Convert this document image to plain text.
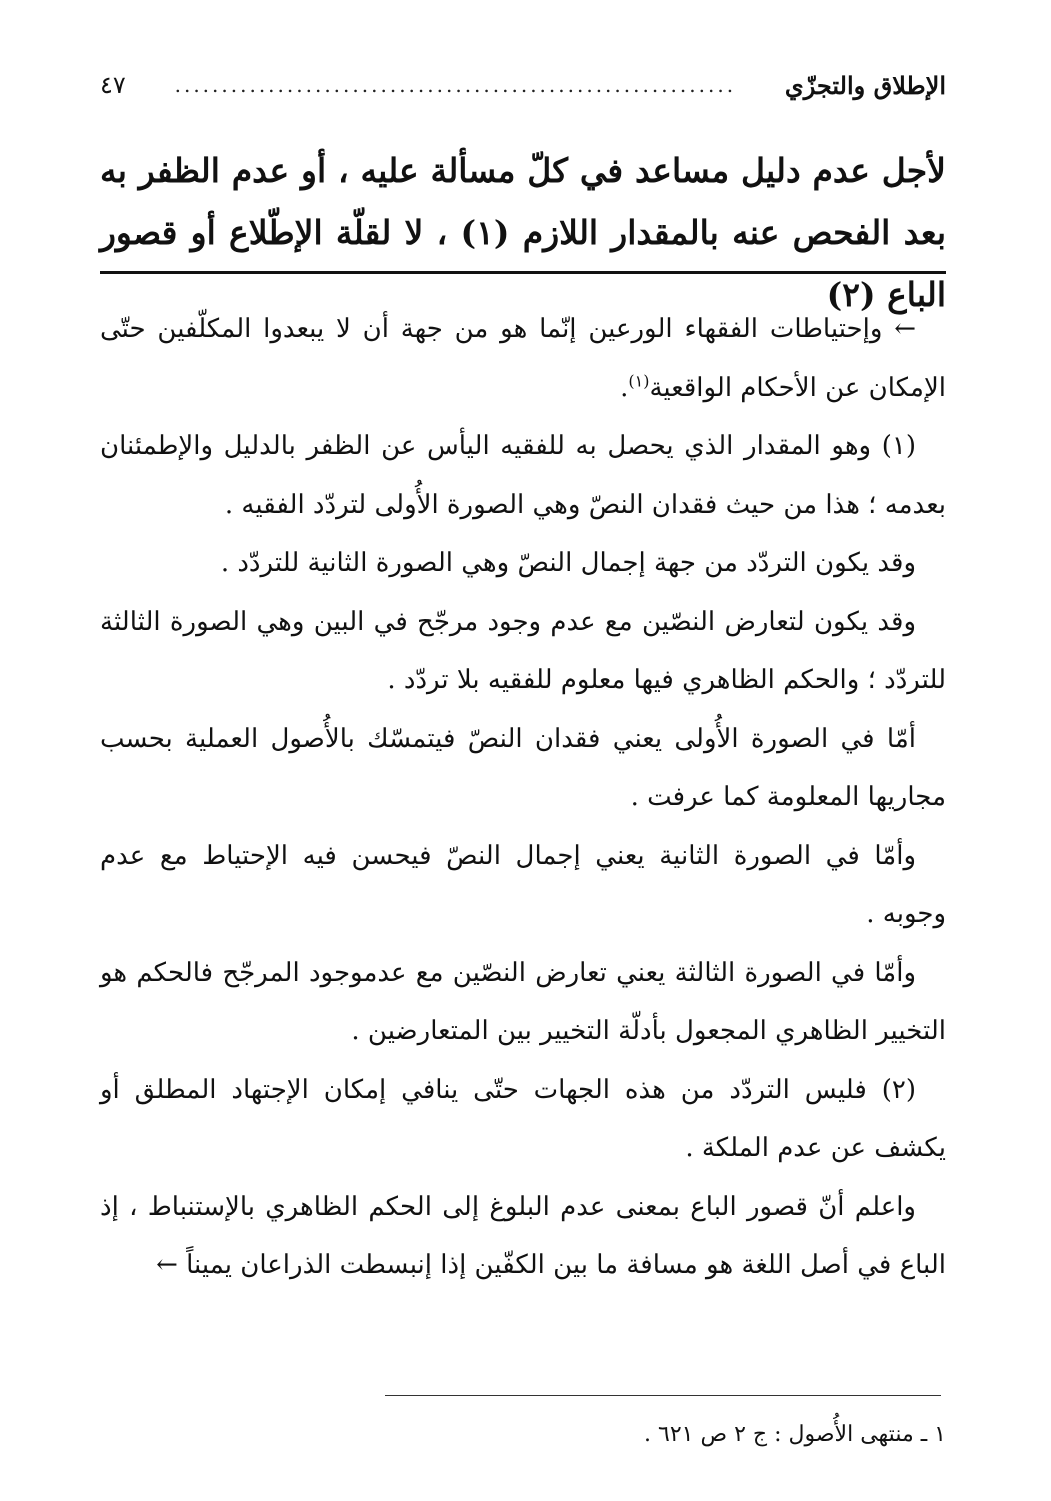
الإطلاق والتجزّي
............................................................
٤٧
لأجل عدم دليل مساعد في كلّ مسألة عليه ، أو عدم الظفر به بعد الفحص عنه بالمقدار اللازم (١) ، لا لقلّة الإطّلاع أو قصور الباع (٢)

← وإحتياطات الفقهاء الورعين إنّما هو من جهة أن لا يبعدوا المكلّفين حتّى الإمكان عن الأحكام الواقعية$^{(١)}$.

(١) وهو المقدار الذي يحصل به للفقيه اليأس عن الظفر بالدليل والإطمئنان بعدمه ؛ هذا من حيث فقدان النصّ وهي الصورة الأُولى لتردّد الفقيه .

وقد يكون التردّد من جهة إجمال النصّ وهي الصورة الثانية للتردّد .

وقد يكون لتعارض النصّين مع عدم وجود مرجّح في البين وهي الصورة الثالثة للتردّد ؛ والحكم الظاهري فيها معلوم للفقيه بلا تردّد .

أمّا في الصورة الأُولى يعني فقدان النصّ فيتمسّك بالأُصول العملية بحسب مجاريها المعلومة كما عرفت .

وأمّا في الصورة الثانية يعني إجمال النصّ فيحسن فيه الإحتياط مع عدم وجوبه .

وأمّا في الصورة الثالثة يعني تعارض النصّين مع عدموجود المرجّح فالحكم هو التخيير الظاهري المجعول بأدلّة التخيير بين المتعارضين .

(٢) فليس التردّد من هذه الجهات حتّى ينافي إمكان الإجتهاد المطلق أو يكشف عن عدم الملكة .

واعلم أنّ قصور الباع بمعنى عدم البلوغ إلى الحكم الظاهري بالإستنباط ، إذ الباع في أصل اللغة هو مسافة ما بين الكفّين إذا إنبسطت الذراعان يميناً ←

١ ـ منتهى الأُصول : ج ٢ ص ٦٢١ .
